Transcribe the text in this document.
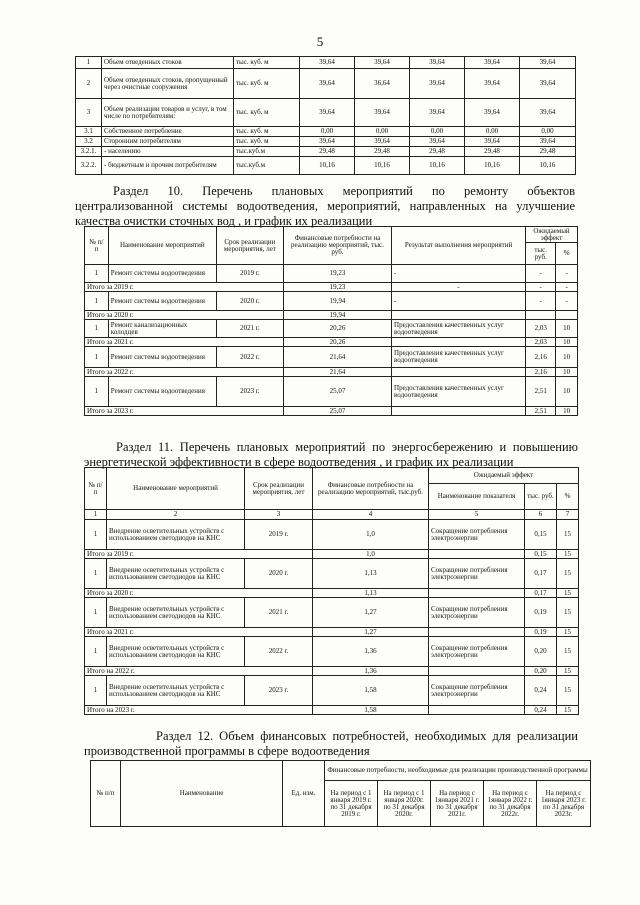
5
1	Объем отведенных стоков	тыс. куб. м	39,64	39,64	39,64	39,64	39,64
2	Объем отведенных стоков, пропущенный через очистные сооружения	тыс. куб. м	39,64	36,64	39,64	39,64	39,64
3	Объем реализации товаров и услуг, в том числе по потребителям:	тыс. куб. м	39,64	39,64	39,64	39,64	39,64
3.1	Собственное потребление	тыс. куб. м	0,00	0,00	0,00	0,00	0,00
3.2	Сторонним потребителям	тыс. куб. м	39,64	39,64	39,64	39,64	39,64
3.2.1.	- населению	тыс.куб.м	29,48	29,48	29,48	29,48	29,48
3.2.2.	- бюджетным и прочим потребителям	тыс.куб.м	10,16	10,16	10,16	10,16	10,16
Раздел 10. Перечень плановых мероприятий по ремонту объектов
централизованной системы водоотведения, мероприятий, направленных на улучшение
качества очистки сточных вод , и график их реализации
№ п/ п	Наименование мероприятий	Срок реализации мероприятия, лет	Финансовые потребности на реализацию мероприятий, тыс. руб.	Результат выполнения мероприятий	Ожидаемый эффект	
					тыс. руб.	%
1	Ремонт системы водоотведения	2019 г.	19,23	-	-	-
Итого за 2019 г.			19,23	-	-	-
1	Ремонт системы водоотведения	2020 г.	19,94	-	-	-
Итого за 2020 г.			19,94			
1	Ремонт канализационных колодцев	2021 г.	20,26	Предоставления качественных услуг водоотведения	2,03	10
Итого за 2021 г.			20,26		2,03	10
1	Ремонт системы водоотведения	2022 г.	21,64	Предоставления качественных услуг водоотведения	2,16	10
Итого за 2022 г.			21,64		2,16	10
1	Ремонт системы водоотведения	2023 г.	25,07	Предоставления качественных услуг водоотведения	2,51	10
Итого за 2023 г.			25,07		2,51	10
Раздел 11. Перечень плановых мероприятий по энергосбережению и повышению
энергетической эффективности в сфере водоотведения , и график их реализации
№ п/п	Наименование мероприятий	Срок реализации мероприятия, лет	Финансовые потребности на реализацию мероприятий, тыс.руб.	Ожидаемый эффект		
				Наименование показателя	тыс. руб.	%
1	2	3	4	5	6	7
1	Внедрение осветительных устройств с использованием светодиодов на КНС	2019 г.	1,0	Сокращение потребления электроэнергии	0,15	15
Итого за 2019 г.			1,0		0,15	15
1	Внедрение осветительных устройств с использованием светодиодов на КНС	2020 г.	1,13	Сокращение потребления электроэнергии	0,17	15
Итого за 2020 г.			1,13		0,17	15
1	Внедрение осветительных устройств с использованием светодиодов на КНС	2021 г.	1,27	Сокращение потребления электроэнергии	0,19	15
Итого за 2021 г.			1,27		0,19	15
1	Внедрение осветительных устройств с использованием светодиодов на КНС	2022 г.	1,36	Сокращение потребления электроэнергии	0,20	15
Итого на 2022 г.			1,36		0,20	15
1	Внедрение осветительных устройств с использованием светодиодов на КНС	2023 г.	1,58	Сокращение потребления электроэнергии	0,24	15
Итого на 2023 г.			1,58		0,24	15
Раздел 12. Объем финансовых потребностей, необходимых для реализации
производственной программы в сфере водоотведения
№ п/п	Наименование	Ед. изм.	Финансовые потребности, необходимые для реализации производственной программы				
			На период с 1 января 2019 г. по 31 декабря 2019 г.	На период с 1 января 2020г. по 31 декабря 2020г.	На период с 1января 2021 г. по 31 декабря 2021г.	На период с 1января 2022 г. по 31 декабря 2022г.	На период с 1января 2023 г. по 31 декабря 2023г.
